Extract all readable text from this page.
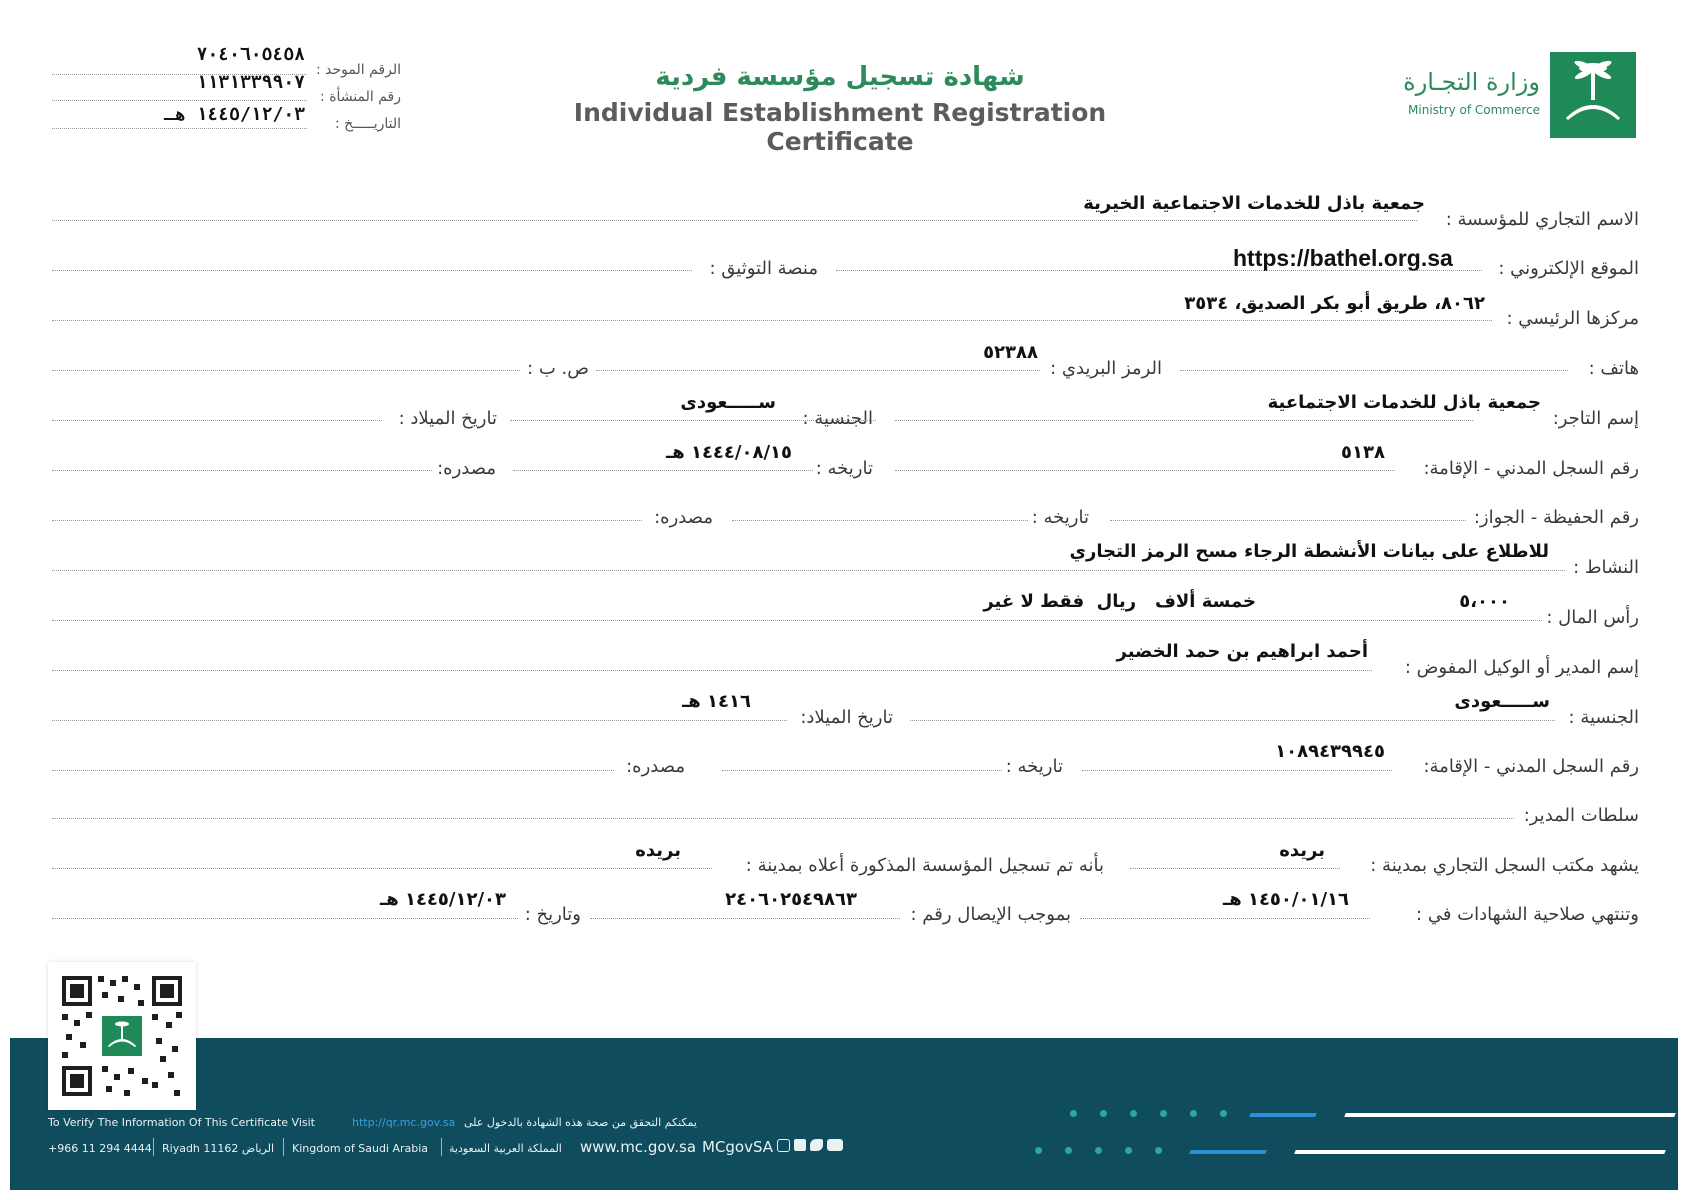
وزارة التجـارة
Ministry of Commerce
شهادة تسجيل مؤسسة فردية
Individual Establishment Registration Certificate
الرقم الموحد :
٧٠٤٠٦٠٥٤٥٨
رقم المنشأة :
١١٣١٣٣٩٩٠٧
التاريـــــخ :
١٤٤٥/١٢/٠٣ هـ
الاسم التجاري للمؤسسة :
جمعية باذل للخدمات الاجتماعية الخيرية
الموقع الإلكتروني :
https://bathel.org.sa
منصة التوثيق :
مركزها الرئيسي :
٨٠٦٢، طريق أبو بكر الصديق، ٣٥٣٤
هاتف :
الرمز البريدي :
٥٢٣٨٨
ص. ب :
إسم التاجر:
جمعية باذل للخدمات الاجتماعية
الجنسية :
ســـــعودى
تاريخ الميلاد :
رقم السجل المدني - الإقامة:
٥١٣٨
تاريخه :
١٤٤٤/٠٨/١٥ هـ
مصدره:
رقم الحفيظة - الجواز:
تاريخه :
مصدره:
النشاط :
للاطلاع على بيانات الأنشطة الرجاء مسح الرمز التجاري
رأس المال :
٥،٠٠٠
خمسة ألاف   ريال  فقط لا غير
إسم المدير أو الوكيل المفوض :
أحمد ابراهيم بن حمد الخضير
الجنسية :
ســـــعودى
تاريخ الميلاد:
١٤١٦ هـ
رقم السجل المدني - الإقامة:
١٠٨٩٤٣٩٩٤٥
تاريخه :
مصدره:
سلطات المدير:
يشهد مكتب السجل التجاري بمدينة :
بريده
بأنه تم تسجيل المؤسسة المذكورة أعلاه بمدينة :
بريده
وتنتهي صلاحية الشهادات في :
١٤٥٠/٠١/١٦ هـ
بموجب الإيصال رقم :
٢٤٠٦٠٢٥٤٩٨٦٣
وتاريخ :
١٤٤٥/١٢/٠٣ هـ
To Verify The Information Of This Certificate Visit	http://qr.mc.gov.sa يمكنكم التحقق من صحة هذه الشهادة بالدخول على
+966 11 294 4444 Riyadh 11162 الرياض Kingdom of Saudi Arabia المملكة العربية السعودية www.mc.gov.sa MCgovSA
